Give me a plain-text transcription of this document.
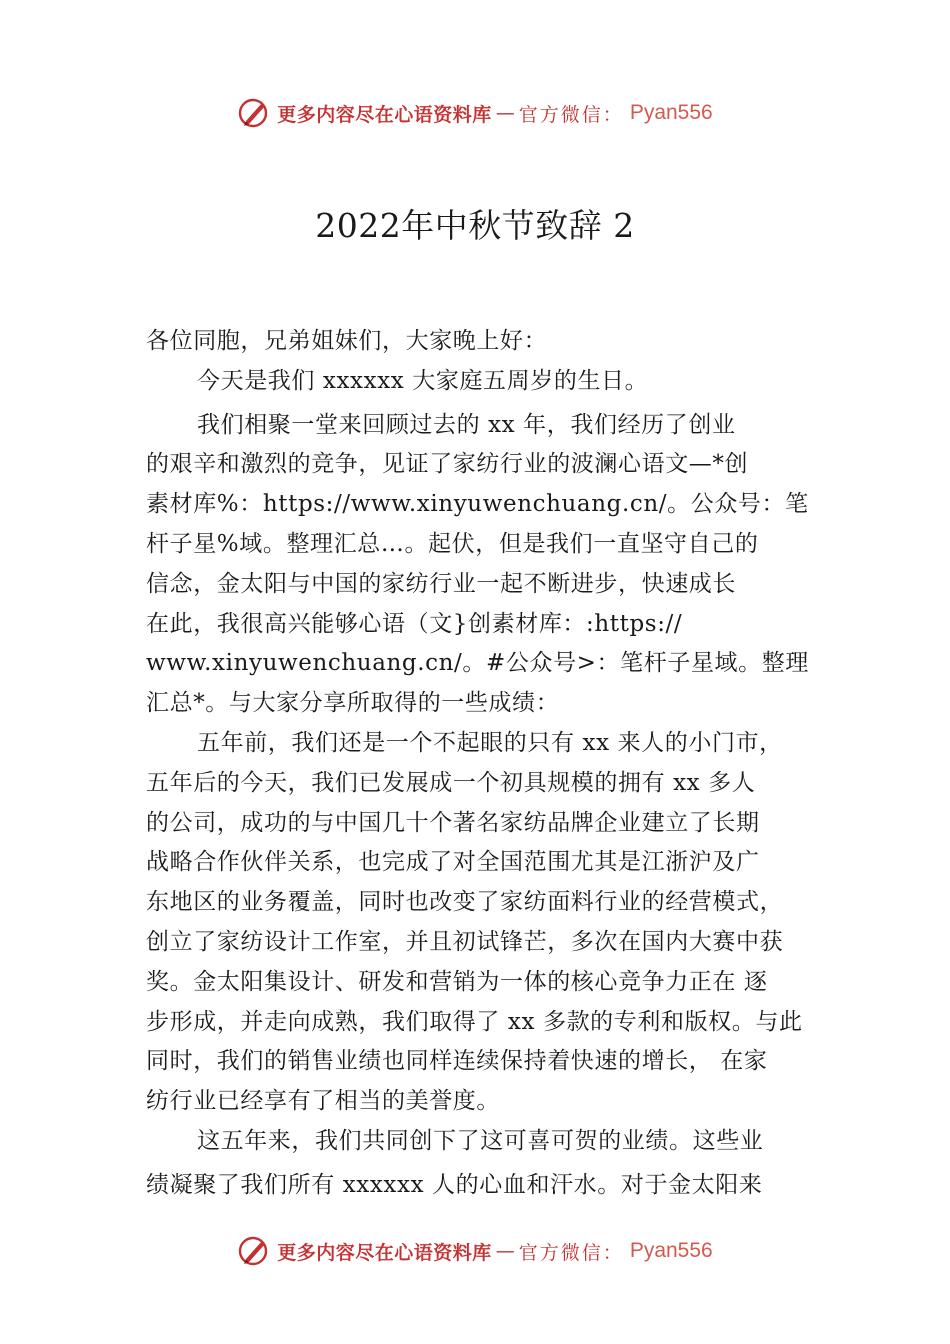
更多内容尽在心语资料库 — 官方微信： Pyan556
2022年中秋节致辞 2
各位同胞，兄弟姐妹们，大家晚上好：
今天是我们 xxxxxx 大家庭五周岁的生日。
我们相聚一堂来回顾过去的 xx 年，我们经历了创业
的艰辛和激烈的竞争，见证了家纺行业的波澜心语文—*创
素材库%：https://www.xinyuwenchuang.cn/。公众号：笔
杆子星%域。整理汇总…。起伏，但是我们一直坚守自己的
信念，金太阳与中国的家纺行业一起不断进步，快速成长
在此，我很高兴能够心语（文}创素材库：:https://
www.xinyuwenchuang.cn/。#公众号>：笔杆子星域。整理
汇总*。与大家分享所取得的一些成绩：
五年前，我们还是一个不起眼的只有 xx 来人的小门市，
五年后的今天，我们已发展成一个初具规模的拥有 xx 多人
的公司，成功的与中国几十个著名家纺品牌企业建立了长期
战略合作伙伴关系，也完成了对全国范围尤其是江浙沪及广
东地区的业务覆盖，同时也改变了家纺面料行业的经营模式，
创立了家纺设计工作室，并且初试锋芒，多次在国内大赛中获
奖。金太阳集设计、研发和营销为一体的核心竞争力正在 逐
步形成，并走向成熟，我们取得了 xx 多款的专利和版权。与此
同时，我们的销售业绩也同样连续保持着快速的增长， 在家
纺行业已经享有了相当的美誉度。
这五年来，我们共同创下了这可喜可贺的业绩。这些业
绩凝聚了我们所有 xxxxxx 人的心血和汗水。对于金太阳来
更多内容尽在心语资料库 — 官方微信： Pyan556
